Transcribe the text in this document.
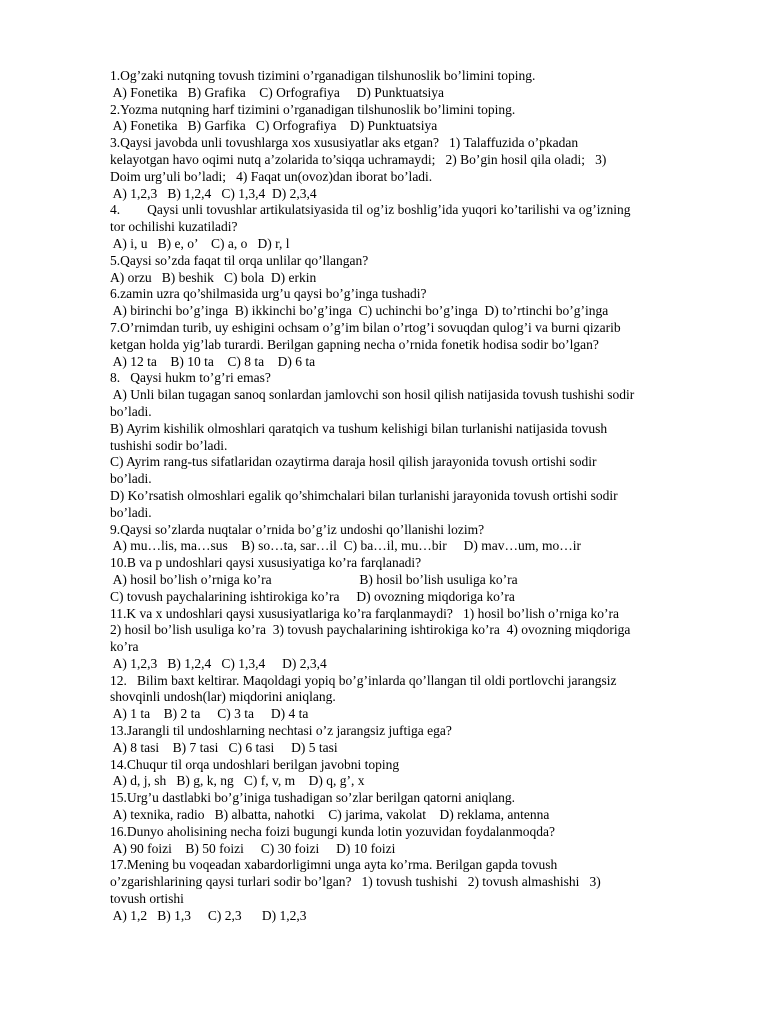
1.Og’zaki nutqning tovush tizimini o’rganadigan tilshunoslik bo’limini toping.
A) Fonetika   B) Grafika    C) Orfografiya     D) Punktuatsiya
2.Yozma nutqning harf tizimini o’rganadigan tilshunoslik bo’limini toping.
A) Fonetika   B) Garfika   C) Orfografiya    D) Punktuatsiya
3.Qaysi javobda unli tovushlarga xos xususiyatlar aks etgan?   1) Talaffuzida o’pkadan
kelayotgan havo oqimi nutq a’zolarida to’siqqa uchramaydi;   2) Bo’gin hosil qila oladi;   3)
Doim urg’uli bo’ladi;   4) Faqat un(ovoz)dan iborat bo’ladi.
A) 1,2,3   B) 1,2,4   C) 1,3,4  D) 2,3,4
4.        Qaysi unli tovushlar artikulatsiyasida til og’iz boshlig’ida yuqori ko’tarilishi va og’izning
tor ochilishi kuzatiladi?
A) i, u   B) e, o’    C) a, o   D) r, l
5.Qaysi so’zda faqat til orqa unlilar qo’llangan?
A) orzu   B) beshik   C) bola  D) erkin
6.zamin uzra qo’shilmasida urg’u qaysi bo’g’inga tushadi?
A) birinchi bo’g’inga  B) ikkinchi bo’g’inga  C) uchinchi bo’g’inga  D) to’rtinchi bo’g’inga
7.O’rnimdan turib, uy eshigini ochsam o’g’im bilan o’rtog’i sovuqdan qulog’i va burni qizarib
ketgan holda yig’lab turardi. Berilgan gapning necha o’rnida fonetik hodisa sodir bo’lgan?
A) 12 ta    B) 10 ta    C) 8 ta    D) 6 ta
8.   Qaysi hukm to’g’ri emas?
A) Unli bilan tugagan sanoq sonlardan jamlovchi son hosil qilish natijasida tovush tushishi sodir
bo’ladi.
B) Ayrim kishilik olmoshlari qaratqich va tushum kelishigi bilan turlanishi natijasida tovush
tushishi sodir bo’ladi.
C) Ayrim rang-tus sifatlaridan ozaytirma daraja hosil qilish jarayonida tovush ortishi sodir
bo’ladi.
D) Ko’rsatish olmoshlari egalik qo’shimchalari bilan turlanishi jarayonida tovush ortishi sodir
bo’ladi.
9.Qaysi so’zlarda nuqtalar o’rnida bo’g’iz undoshi qo’llanishi lozim?
A) mu…lis, ma…sus    B) so…ta, sar…il  C) ba…il, mu…bir     D) mav…um, mo…ir
10.B va p undoshlari qaysi xususiyatiga ko’ra farqlanadi?
A) hosil bo’lish o’rniga ko’ra                          B) hosil bo’lish usuliga ko’ra
C) tovush paychalarining ishtirokiga ko’ra     D) ovozning miqdoriga ko’ra
11.K va x undoshlari qaysi xususiyatlariga ko’ra farqlanmaydi?   1) hosil bo’lish o’rniga ko’ra
2) hosil bo’lish usuliga ko’ra  3) tovush paychalarining ishtirokiga ko’ra  4) ovozning miqdoriga
ko’ra
A) 1,2,3   B) 1,2,4   C) 1,3,4     D) 2,3,4
12.   Bilim baxt keltirar. Maqoldagi yopiq bo’g’inlarda qo’llangan til oldi portlovchi jarangsiz
shovqinli undosh(lar) miqdorini aniqlang.
A) 1 ta    B) 2 ta     C) 3 ta     D) 4 ta
13.Jarangli til undoshlarning nechtasi o’z jarangsiz juftiga ega?
A) 8 tasi    B) 7 tasi   C) 6 tasi     D) 5 tasi
14.Chuqur til orqa undoshlari berilgan javobni toping
A) d, j, sh   B) g, k, ng   C) f, v, m    D) q, g’, x
15.Urg’u dastlabki bo’g’iniga tushadigan so’zlar berilgan qatorni aniqlang.
A) texnika, radio   B) albatta, nahotki    C) jarima, vakolat    D) reklama, antenna
16.Dunyo aholisining necha foizi bugungi kunda lotin yozuvidan foydalanmoqda?
A) 90 foizi    B) 50 foizi     C) 30 foizi     D) 10 foizi
17.Mening bu voqeadan xabardorligimni unga ayta ko’rma. Berilgan gapda tovush
o’zgarishlarining qaysi turlari sodir bo’lgan?   1) tovush tushishi   2) tovush almashishi   3)
tovush ortishi
A) 1,2   B) 1,3     C) 2,3      D) 1,2,3
